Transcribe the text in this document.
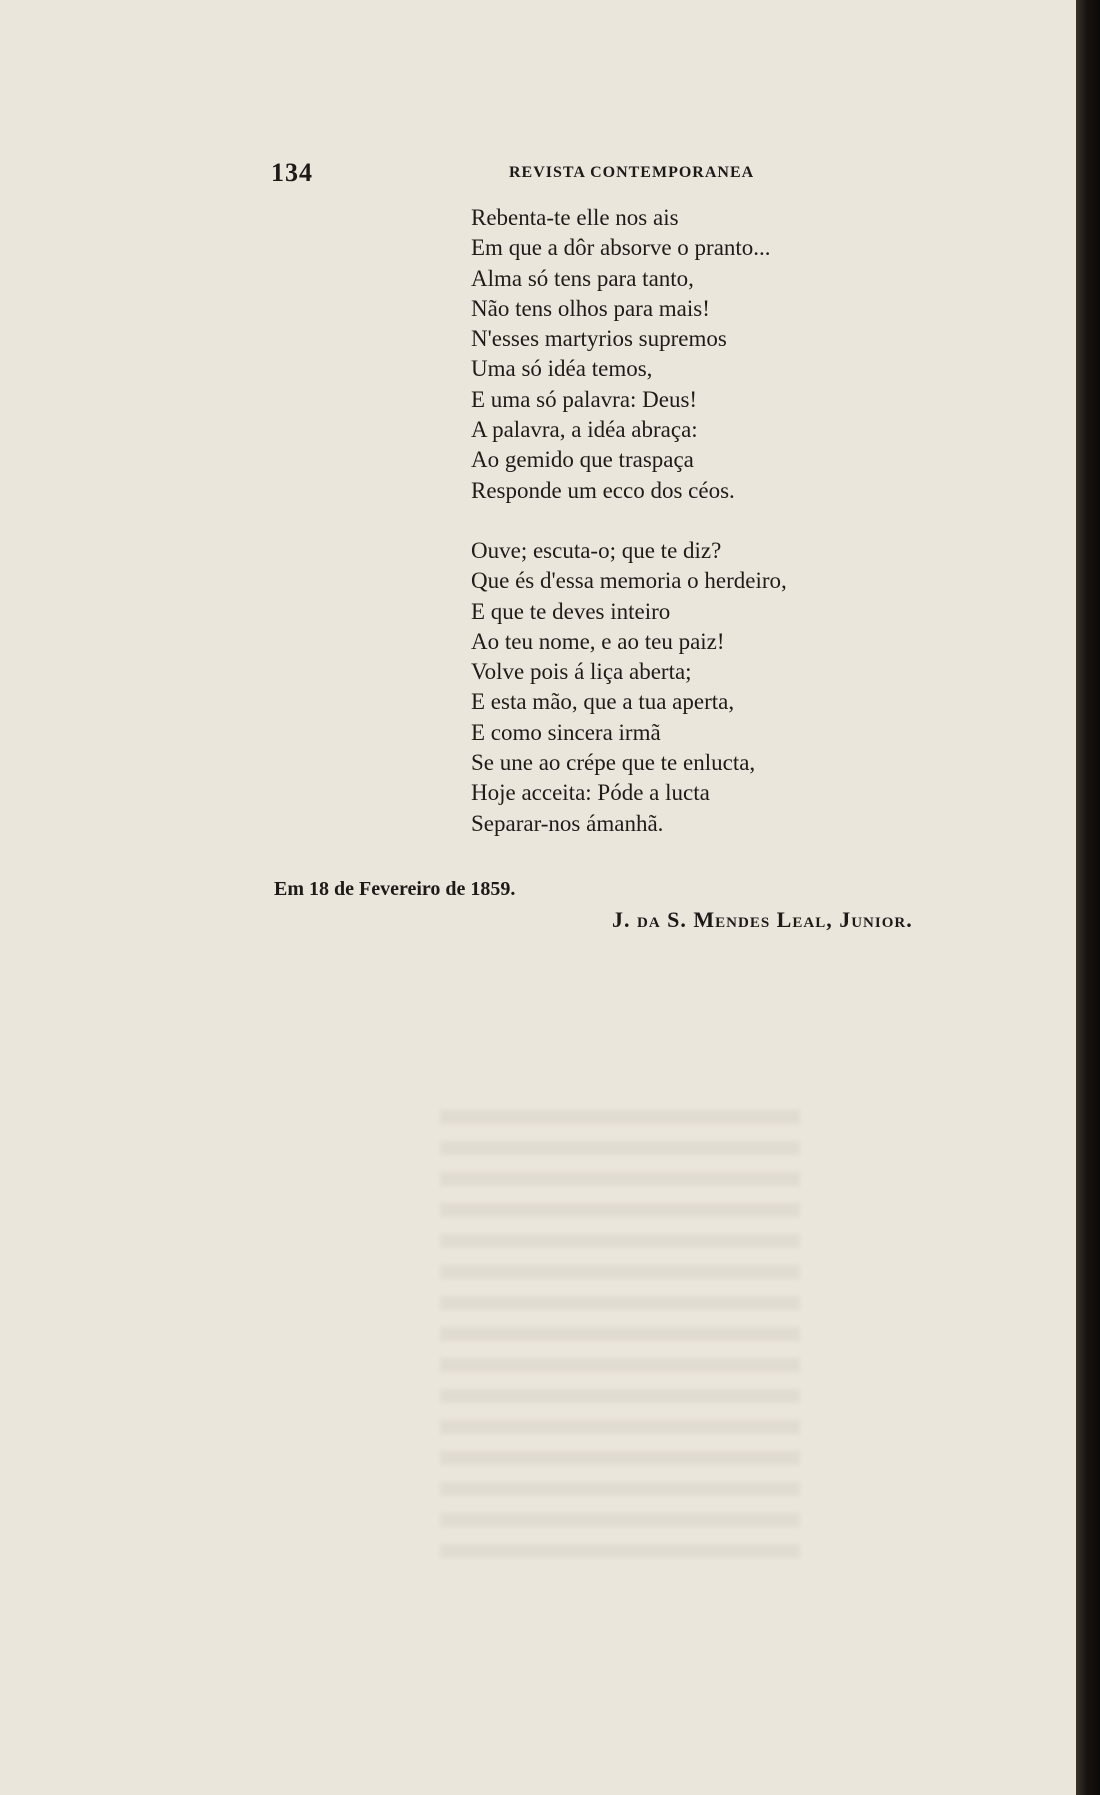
134	REVISTA CONTEMPORANEA
Rebenta-te elle nos ais
Em que a dôr absorve o pranto...
Alma só tens para tanto,
Não tens olhos para mais!
N'esses martyrios supremos
Uma só idéa temos,
E uma só palavra: Deus!
A palavra, a idéa abraça:
Ao gemido que traspaça
Responde um ecco dos céos.
Ouve; escuta-o; que te diz?
Que és d'essa memoria o herdeiro,
E que te deves inteiro
Ao teu nome, e ao teu paiz!
Volve pois á liça aberta;
E esta mão, que a tua aperta,
E como sincera irmã
Se une ao crépe que te enlucta,
Hoje acceita: Póde a lucta
Separar-nos ámanhã.
Em 18 de Fevereiro de 1859.
J. da S. Mendes Leal, Junior.
